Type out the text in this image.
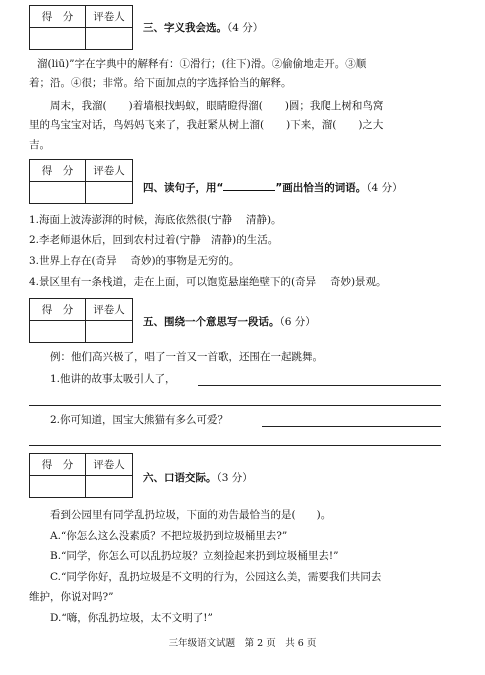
得　分	评卷人

三、字义我会选。（4 分）
溜(liū)”字在字典中的解释有：①滑行；(往下)滑。②偷偷地走开。③顺
着；沿。④很；非常。给下面加点的字选择恰当的解释。
周末，我溜( )着墙根找蚂蚁，眼睛瞪得溜( )圆；我爬上树和鸟窝
里的鸟宝宝对话，鸟妈妈飞来了，我赶紧从树上溜( )下来，溜( )之大
吉。
得　分	评卷人

四、读句子，用“	”画出恰当的词语。（4 分）
1.海面上波涛澎湃的时候，海底依然很(宁静　 清静)。
2.李老师退休后，回到农村过着(宁静　清静)的生活。
3.世界上存在(奇异　 奇妙)的事物是无穷的。
4.景区里有一条栈道，走在上面，可以饱览悬崖绝壁下的(奇异　 奇妙)景观。
得　分	评卷人

五、围绕一个意思写一段话。（6 分）
例：他们高兴极了，唱了一首又一首歌，还围在一起跳舞。
1.他讲的故事太吸引人了，
2.你可知道，国宝大熊猫有多么可爱？
得　分	评卷人

六、口语交际。（3 分）
看到公园里有同学乱扔垃圾，下面的劝告最恰当的是(　　)。
A.“你怎么这么没素质？不把垃圾扔到垃圾桶里去?”
B.“同学，你怎么可以乱扔垃圾？立刻捡起来扔到垃圾桶里去!”
C.“同学你好，乱扔垃圾是不文明的行为，公园这么美，需要我们共同去
维护，你说对吗?”
D.“嗨，你乱扔垃圾，太不文明了!”
三年级语文试题　第 2 页　共 6 页
